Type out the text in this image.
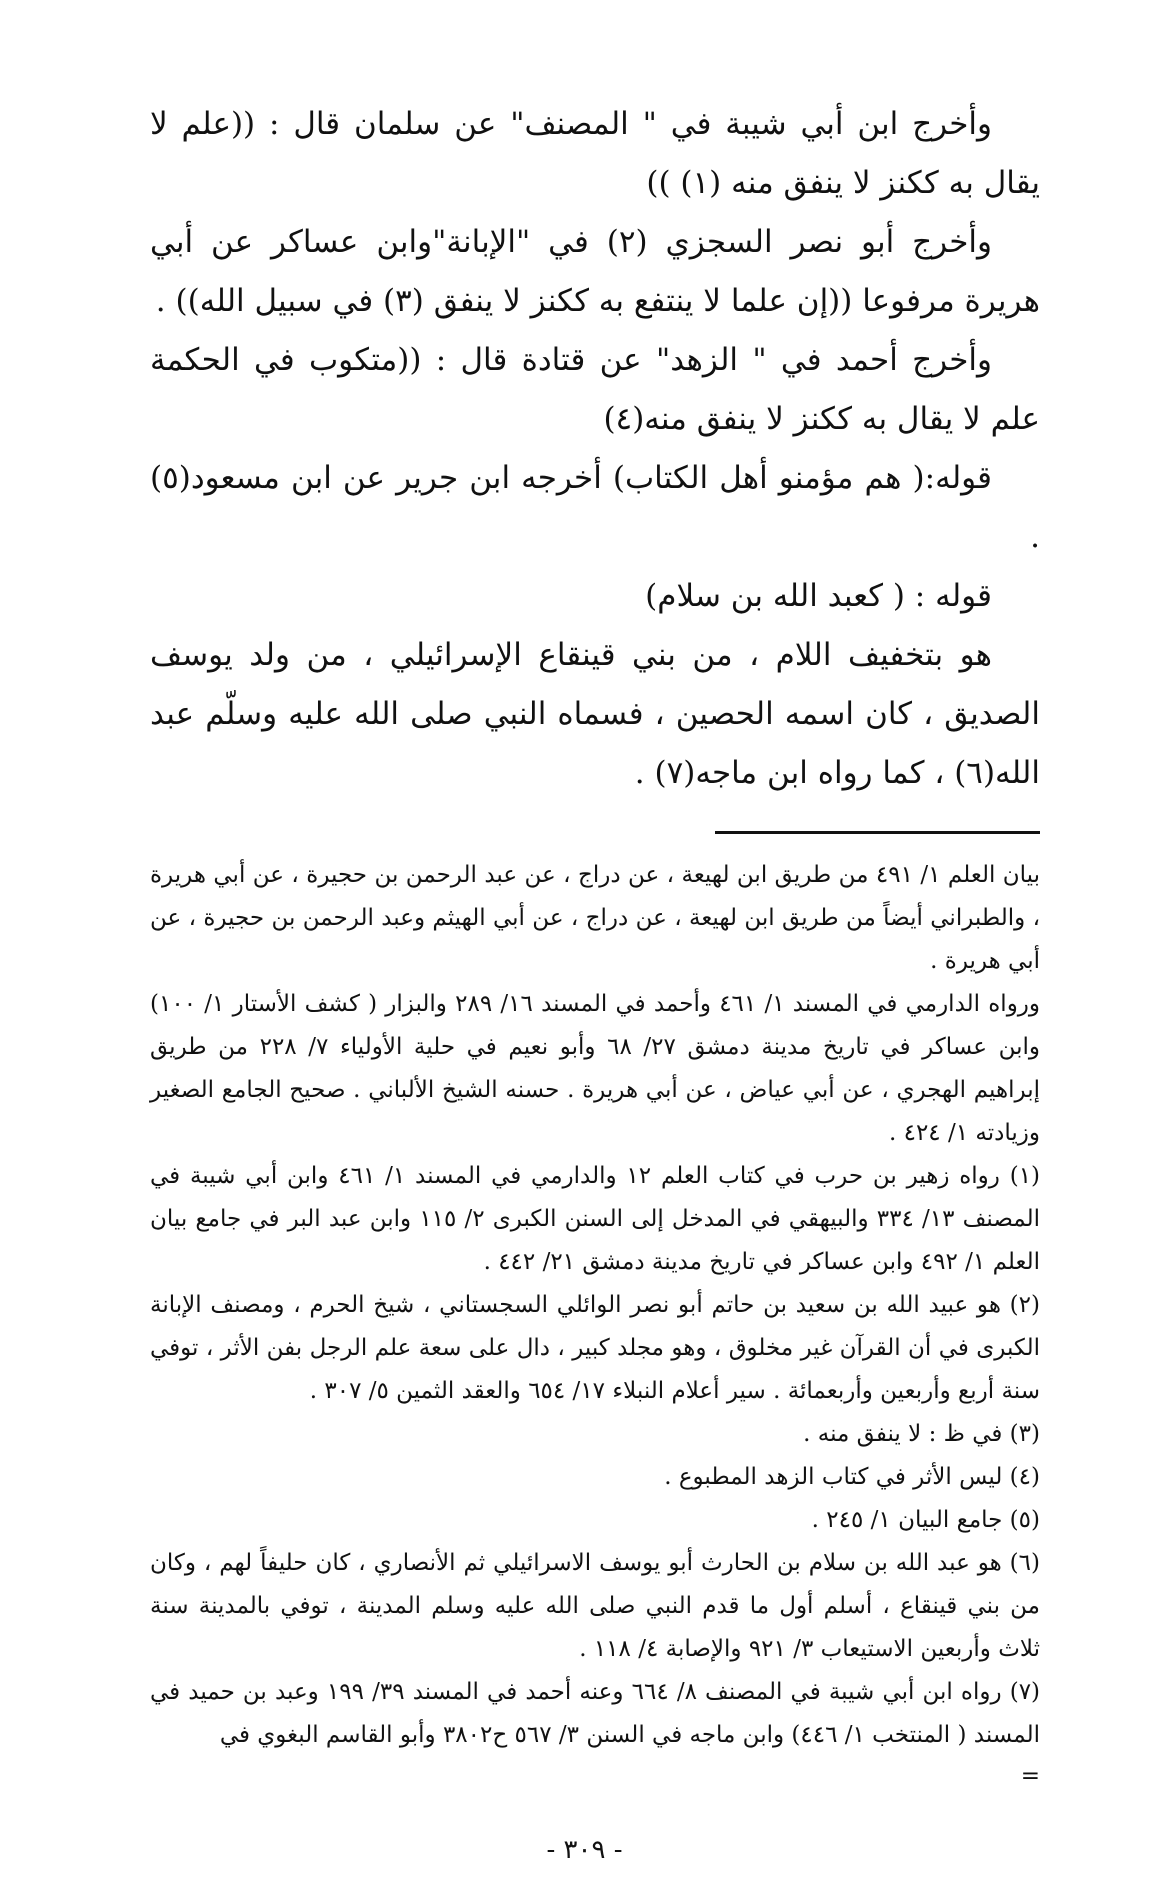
وأخرج ابن أبي شيبة في " المصنف" عن سلمان قال : ((علم لا يقال به ككنز لا ينفق منه (١) ))

وأخرج أبو نصر السجزي (٢) في "الإبانة"وابن عساكر عن أبي هريرة مرفوعا ((إن علما لا ينتفع به ككنز لا ينفق (٣) في سبيل الله)) .

وأخرج أحمد في " الزهد" عن قتادة قال : ((متكوب في الحكمة علم لا يقال به ككنز لا ينفق منه(٤)

قوله:( هم مؤمنو أهل الكتاب) أخرجه ابن جرير عن ابن مسعود(٥) .

قوله : ( كعبد الله بن سلام)

هو بتخفيف اللام ، من بني قينقاع الإسرائيلي ، من ولد يوسف الصديق ، كان اسمه الحصين ، فسماه النبي صلى الله عليه وسلّم عبد الله(٦) ، كما رواه ابن ماجه(٧) .

بيان العلم ١/ ٤٩١ من طريق ابن لهيعة ، عن دراج ، عن عبد الرحمن بن حجيرة ، عن أبي هريرة ، والطبراني أيضاً من طريق ابن لهيعة ، عن دراج ، عن أبي الهيثم وعبد الرحمن بن حجيرة ، عن أبي هريرة .

ورواه الدارمي في المسند ١/ ٤٦١ وأحمد في المسند ١٦/ ٢٨٩ والبزار ( كشف الأستار ١/ ١٠٠) وابن عساكر في تاريخ مدينة دمشق ٢٧/ ٦٨ وأبو نعيم في حلية الأولياء ٧/ ٢٢٨ من طريق إبراهيم الهجري ، عن أبي عياض ، عن أبي هريرة . حسنه الشيخ الألباني . صحيح الجامع الصغير وزيادته ١/ ٤٢٤ .

(١) رواه زهير بن حرب في كتاب العلم ١٢ والدارمي في المسند ١/ ٤٦١ وابن أبي شيبة في المصنف ١٣/ ٣٣٤ والبيهقي في المدخل إلى السنن الكبرى ٢/ ١١٥ وابن عبد البر في جامع بيان العلم ١/ ٤٩٢ وابن عساكر في تاريخ مدينة دمشق ٢١/ ٤٤٢ .

(٢) هو عبيد الله بن سعيد بن حاتم أبو نصر الوائلي السجستاني ، شيخ الحرم ، ومصنف الإبانة الكبرى في أن القرآن غير مخلوق ، وهو مجلد كبير ، دال على سعة علم الرجل بفن الأثر ، توفي سنة أربع وأربعين وأربعمائة . سير أعلام النبلاء ١٧/ ٦٥٤ والعقد الثمين ٥/ ٣٠٧ .

(٣) في ظ : لا ينفق منه .

(٤) ليس الأثر في كتاب الزهد المطبوع .

(٥) جامع البيان ١/ ٢٤٥ .

(٦) هو عبد الله بن سلام بن الحارث أبو يوسف الاسرائيلي ثم الأنصاري ، كان حليفاً لهم ، وكان من بني قينقاع ، أسلم أول ما قدم النبي صلى الله عليه وسلم المدينة ، توفي بالمدينة سنة ثلاث وأربعين الاستيعاب ٣/ ٩٢١ والإصابة ٤/ ١١٨ .

(٧) رواه ابن أبي شيبة في المصنف ٨/ ٦٦٤ وعنه أحمد في المسند ٣٩/ ١٩٩ وعبد بن حميد في المسند ( المنتخب ١/ ٤٤٦) وابن ماجه في السنن ٣/ ٥٦٧ ح٣٨٠٢ وأبو القاسم البغوي في

=
- ٣٠٩ -
